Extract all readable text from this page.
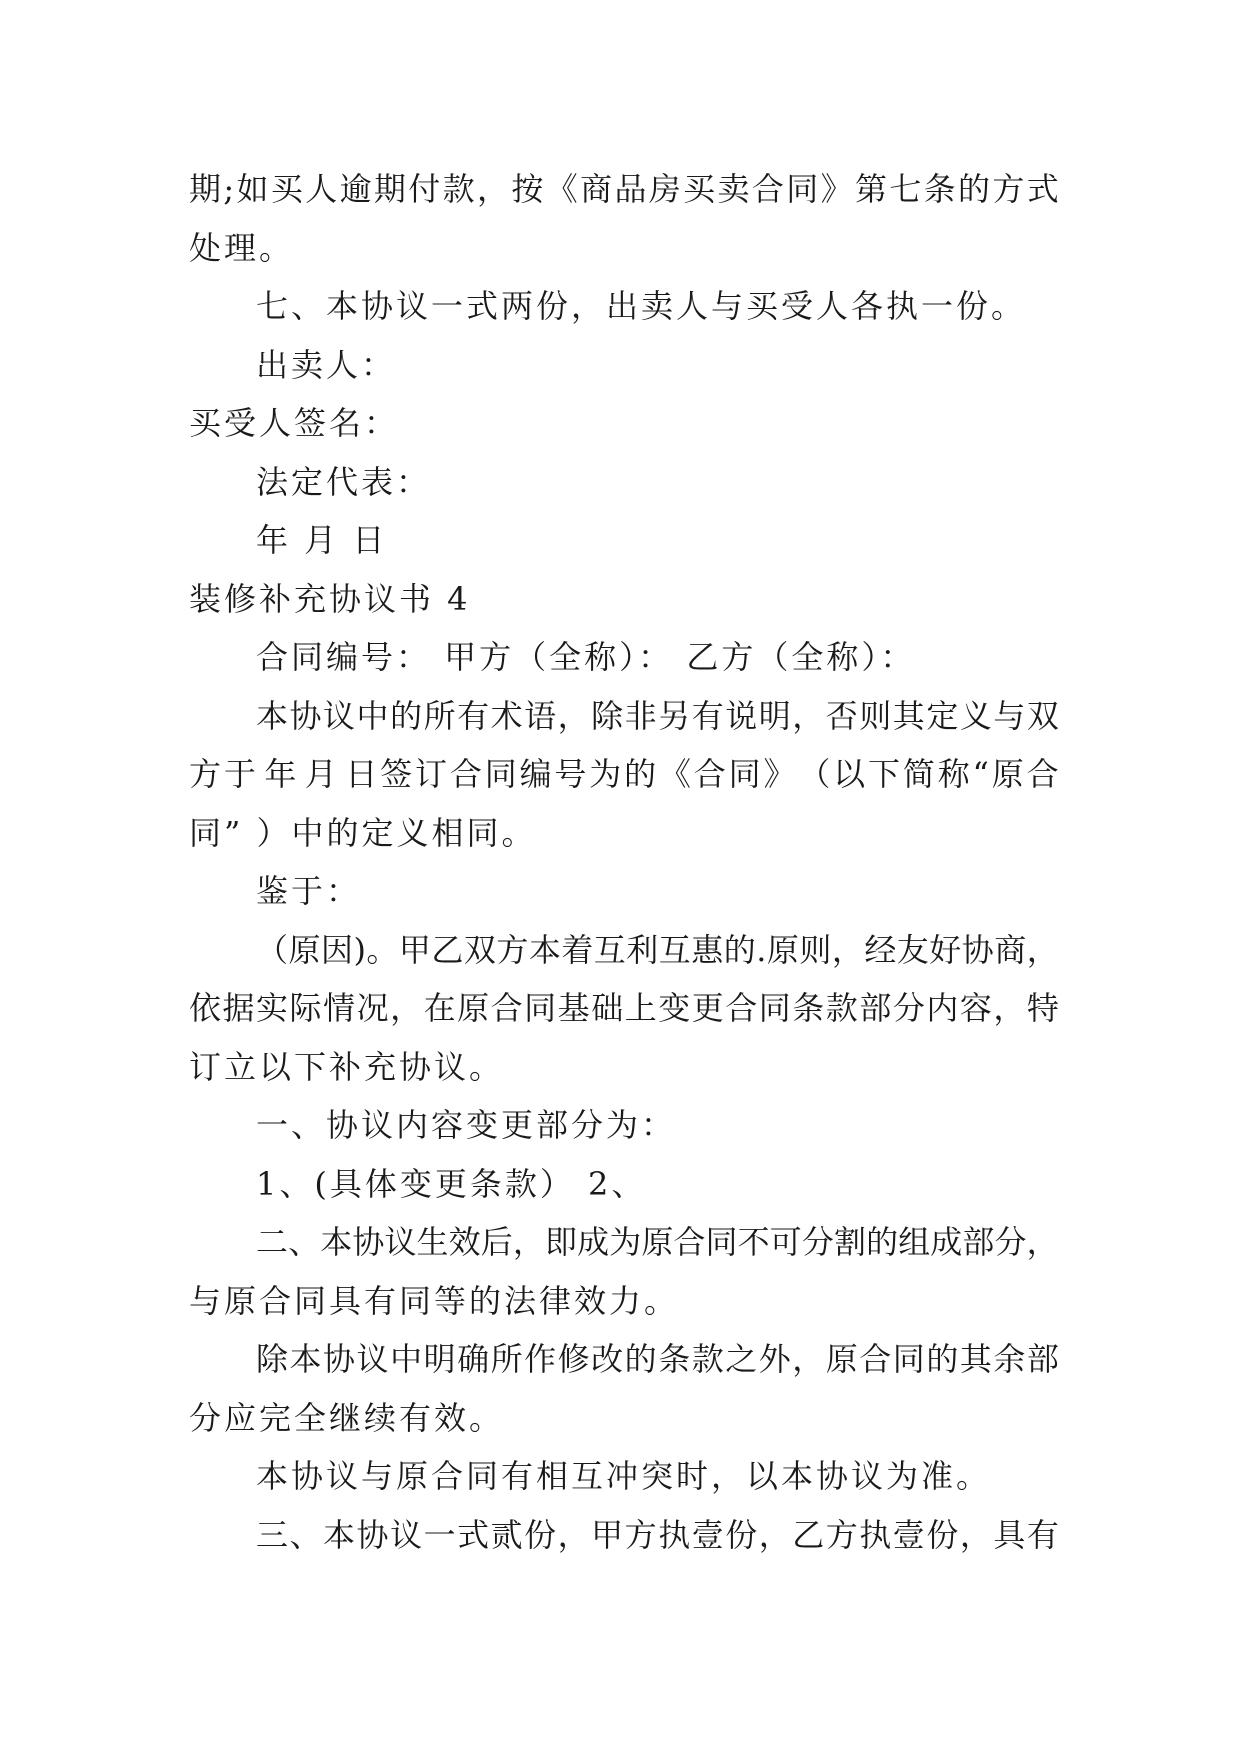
期 ; 如 买 人 逾 期 付 款 ， 按 《 商 品 房 买 卖 合 同 》 第 七 条 的 方 式
处理。
七、本协议一式两份，出卖人与买受人各执一份。
出卖人：
买受人签名：
法定代表：
年 月 日
装修补充协议书 4
合同编号： 甲方（全称）： 乙方（全称）：
本 协 议 中 的 所 有 术 语 ， 除 非 另 有 说 明 ， 否 则 其 定 义 与 双
方 于 年 月 日 签 订 合 同 编 号 为 的 《 合 同 》 （ 以 下 简 称 “ 原 合
同” ）中的定义相同。
鉴于：
（ 原 因 ) 。 甲 乙 双 方 本 着 互 利 互 惠 的 . 原 则 ， 经 友 好 协 商 ，
依 据 实 际 情 况 ， 在 原 合 同 基 础 上 变 更 合 同 条 款 部 分 内 容 ， 特
订立以下补充协议。
一、协议内容变更部分为：
1、(具体变更条款） 2、
二 、 本 协 议 生 效 后 ， 即 成 为 原 合 同 不 可 分 割 的 组 成 部 分 ，
与原合同具有同等的法律效力。
除 本 协 议 中 明 确 所 作 修 改 的 条 款 之 外 ， 原 合 同 的 其 余 部
分应完全继续有效。
本协议与原合同有相互冲突时，以本协议为准。
三 、 本 协 议 一 式 贰 份 ， 甲 方 执 壹 份 ， 乙 方 执 壹 份 ， 具 有
